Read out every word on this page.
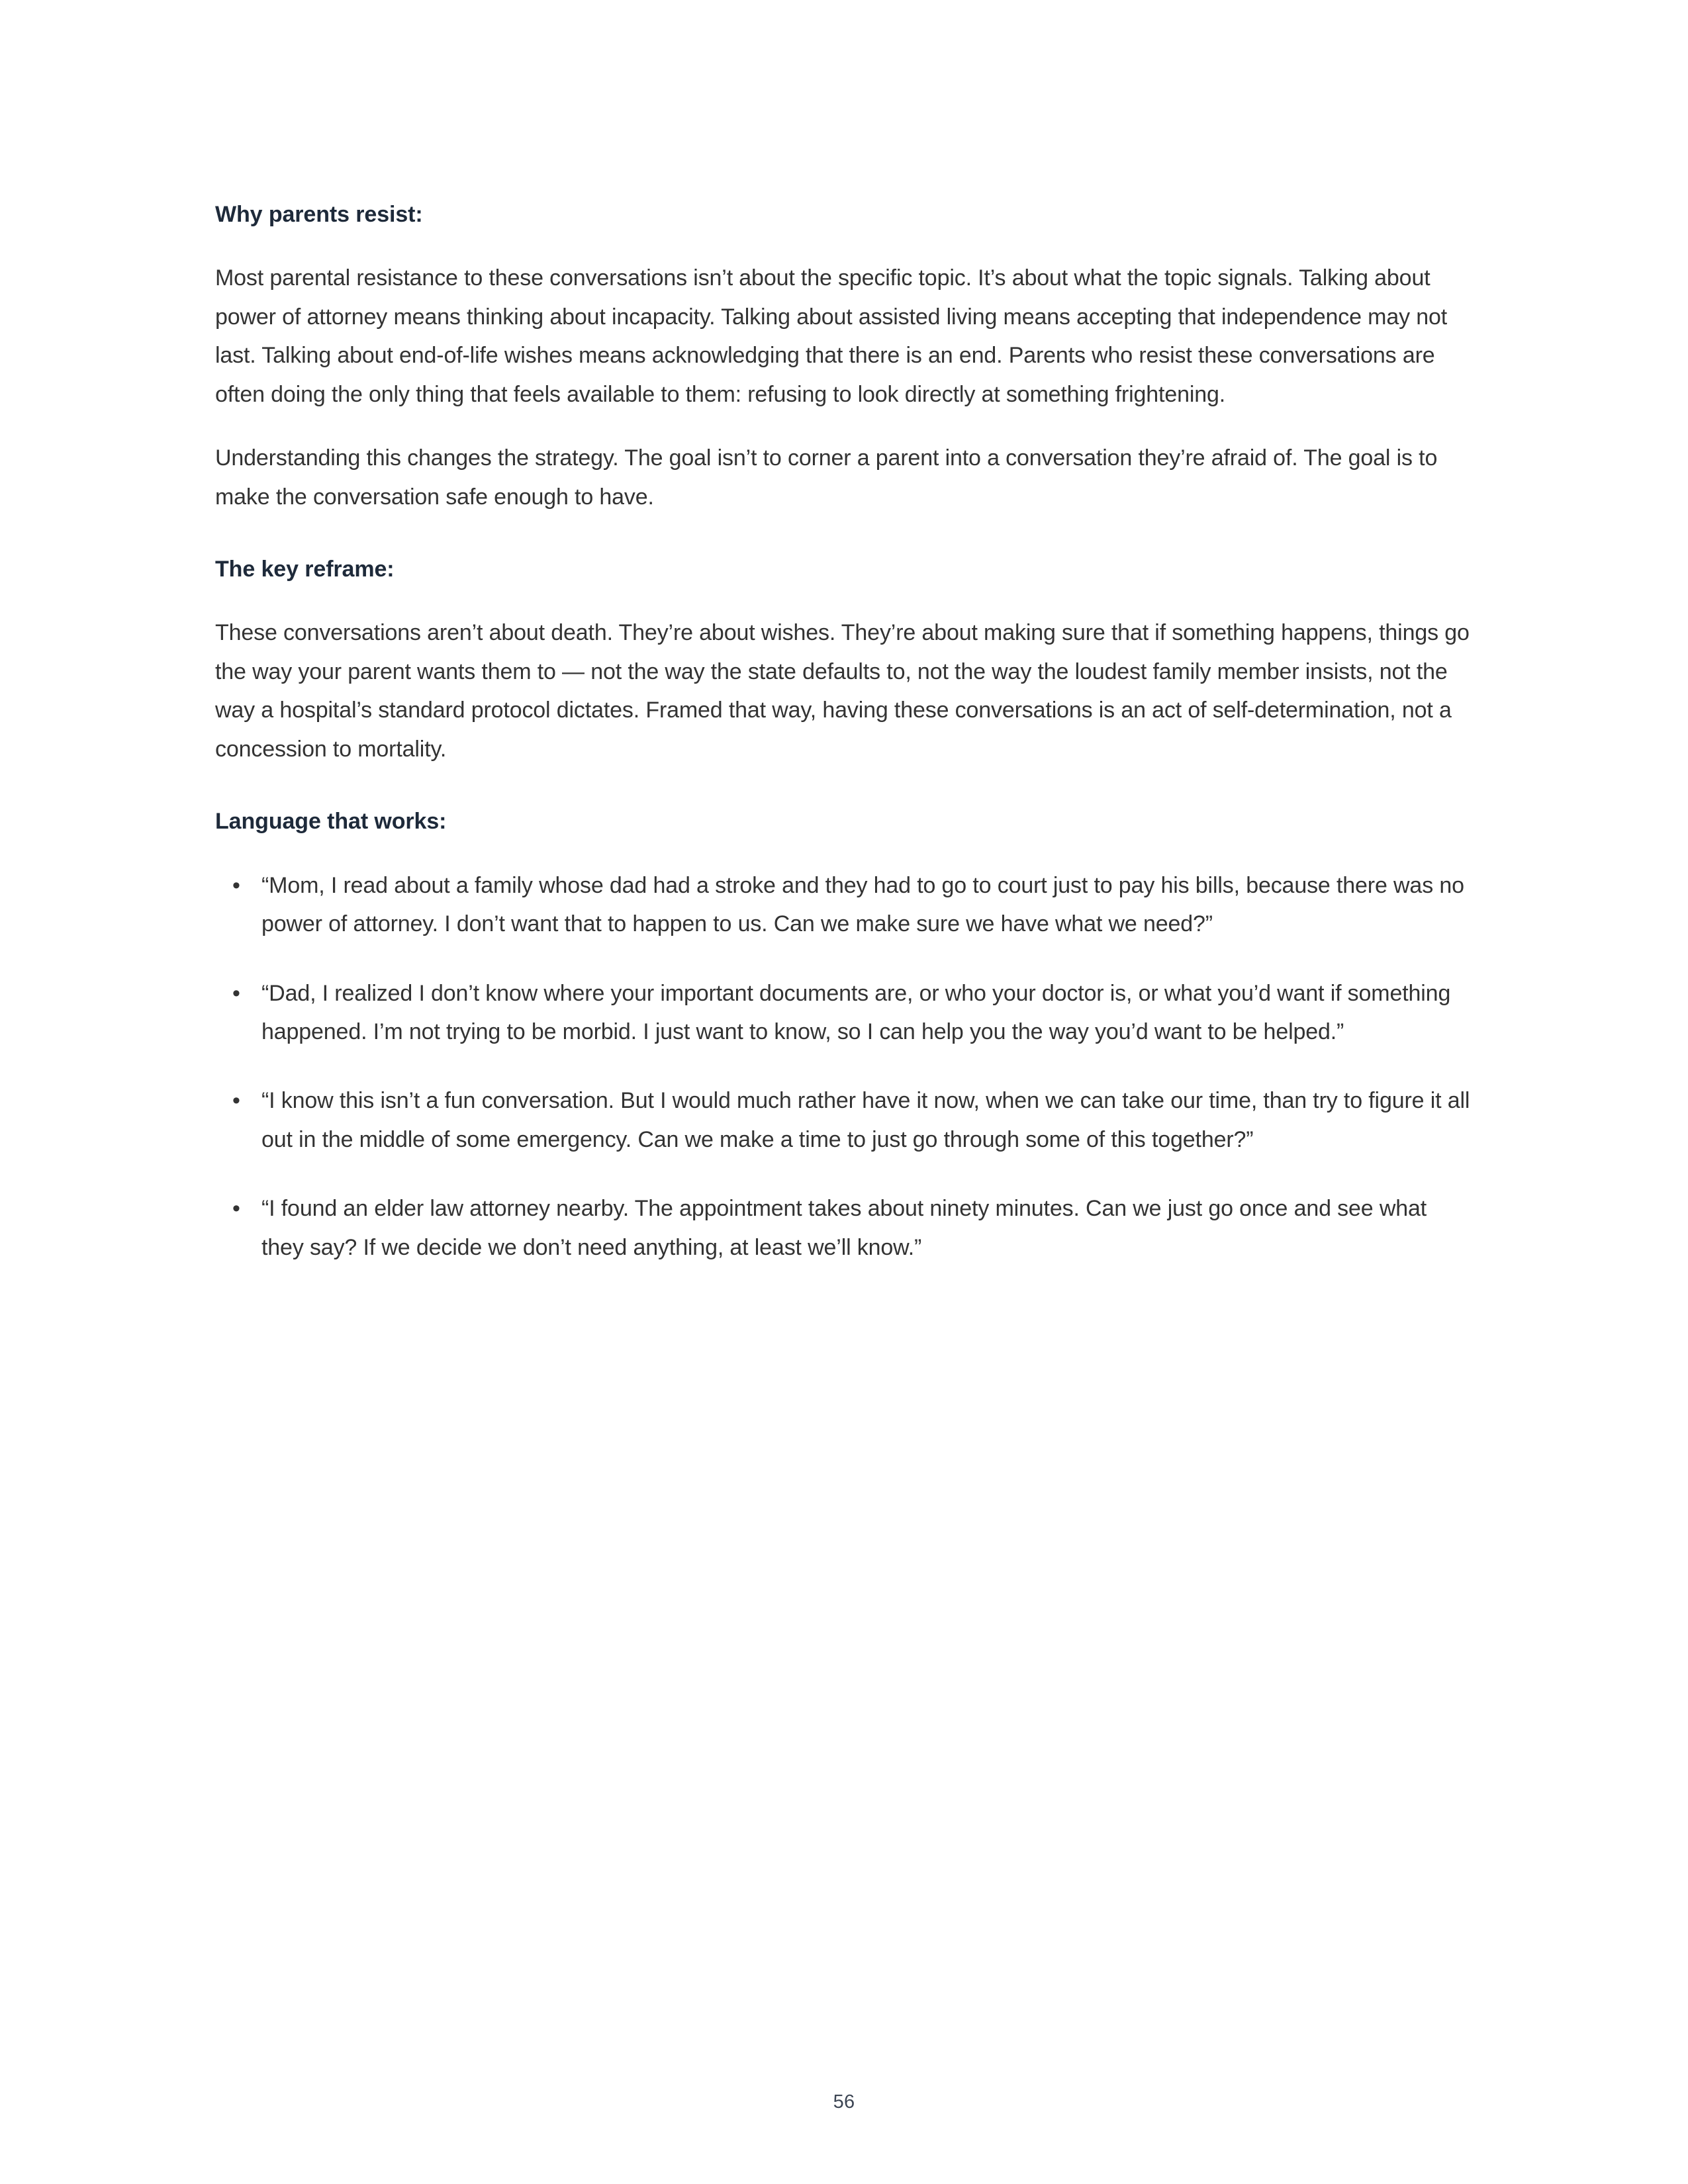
Why parents resist:

Most parental resistance to these conversations isn’t about the specific topic. It’s about what the topic signals. Talking about power of attorney means thinking about incapacity. Talking about assisted living means accepting that independence may not last. Talking about end-of-life wishes means acknowledging that there is an end. Parents who resist these conversations are often doing the only thing that feels available to them: refusing to look directly at something frightening.

Understanding this changes the strategy. The goal isn’t to corner a parent into a conversation they’re afraid of. The goal is to make the conversation safe enough to have.

The key reframe:

These conversations aren’t about death. They’re about wishes. They’re about making sure that if something happens, things go the way your parent wants them to — not the way the state defaults to, not the way the loudest family member insists, not the way a hospital’s standard protocol dictates. Framed that way, having these conversations is an act of self-determination, not a concession to mortality.

Language that works:
• “Mom, I read about a family whose dad had a stroke and they had to go to court just to pay his bills, because there was no power of attorney. I don’t want that to happen to us. Can we make sure we have what we need?”
• “Dad, I realized I don’t know where your important documents are, or who your doctor is, or what you’d want if something happened. I’m not trying to be morbid. I just want to know, so I can help you the way you’d want to be helped.”
• “I know this isn’t a fun conversation. But I would much rather have it now, when we can take our time, than try to figure it all out in the middle of some emergency. Can we make a time to just go through some of this together?”
• “I found an elder law attorney nearby. The appointment takes about ninety minutes. Can we just go once and see what they say? If we decide we don’t need anything, at least we’ll know.”
56
